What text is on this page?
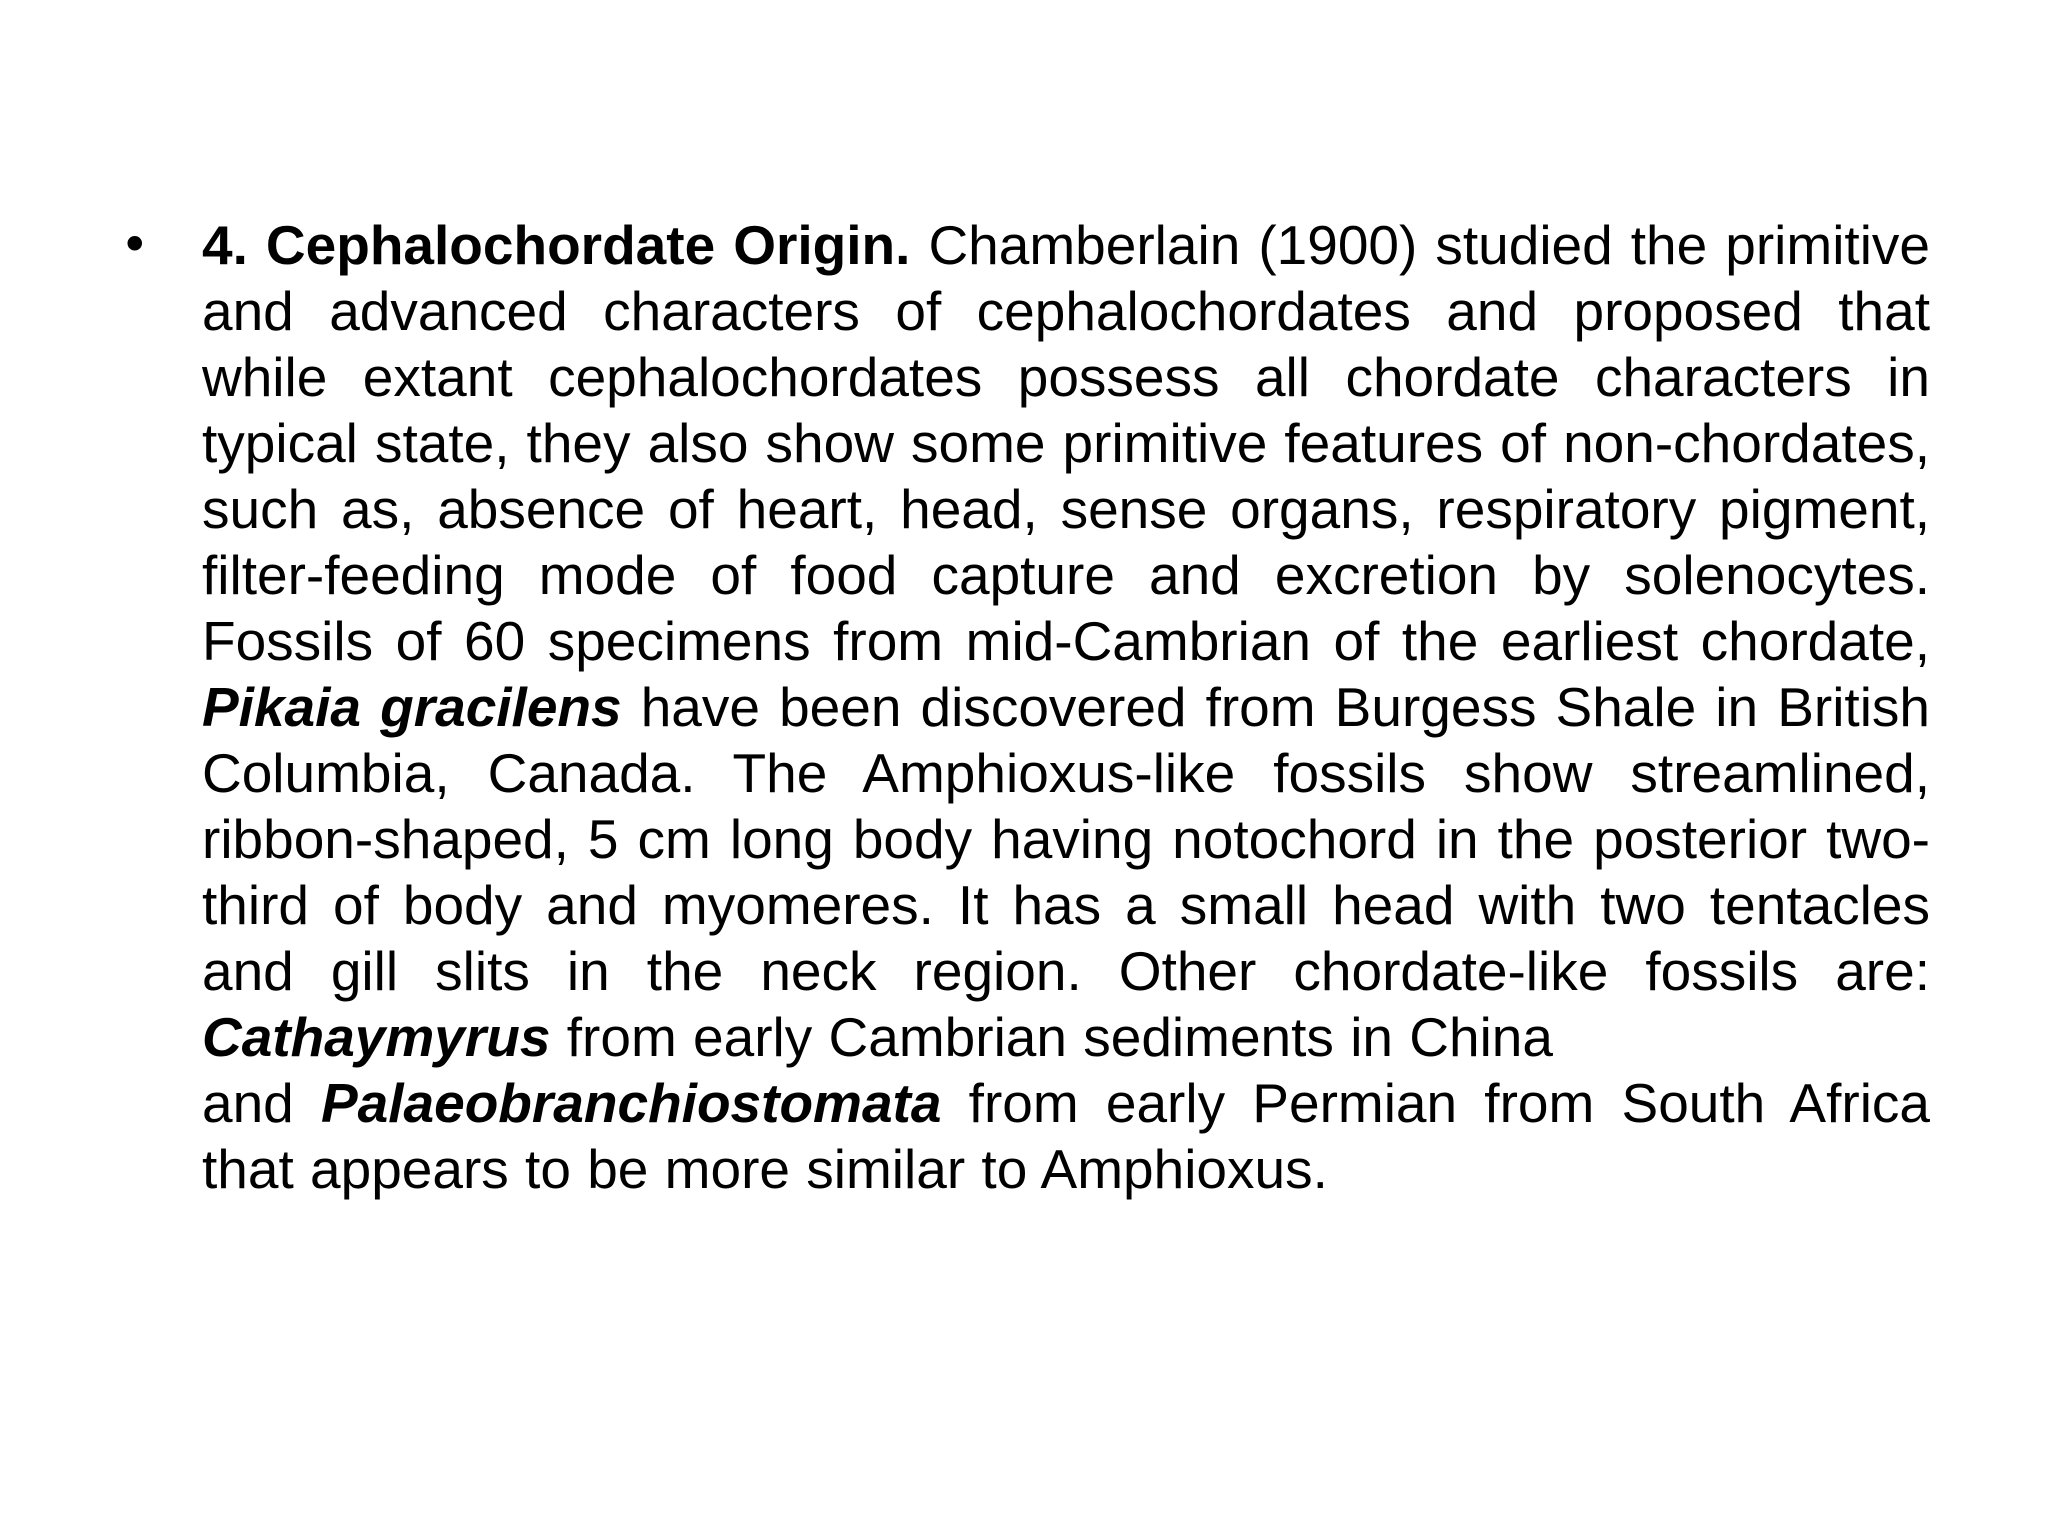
• 4. Cephalochordate Origin. Chamberlain (1900) studied the primitive and advanced characters of cephalochordates and proposed that while extant cephalochordates possess all chordate characters in typical state, they also show some primitive features of non-chordates, such as, absence of heart, head, sense organs, respiratory pigment, filter-feeding mode of food capture and excretion by solenocytes. Fossils of 60 specimens from mid-Cambrian of the earliest chordate, Pikaia gracilens have been discovered from Burgess Shale in British Columbia, Canada. The Amphioxus-like fossils show streamlined, ribbon-shaped, 5 cm long body having notochord in the posterior two-third of body and myomeres. It has a small head with two tentacles and gill slits in the neck region. Other chordate-like fossils are: Cathaymyrus from early Cambrian sediments in China
and Palaeobranchiostomata from early Permian from South Africa that appears to be more similar to Amphioxus.
